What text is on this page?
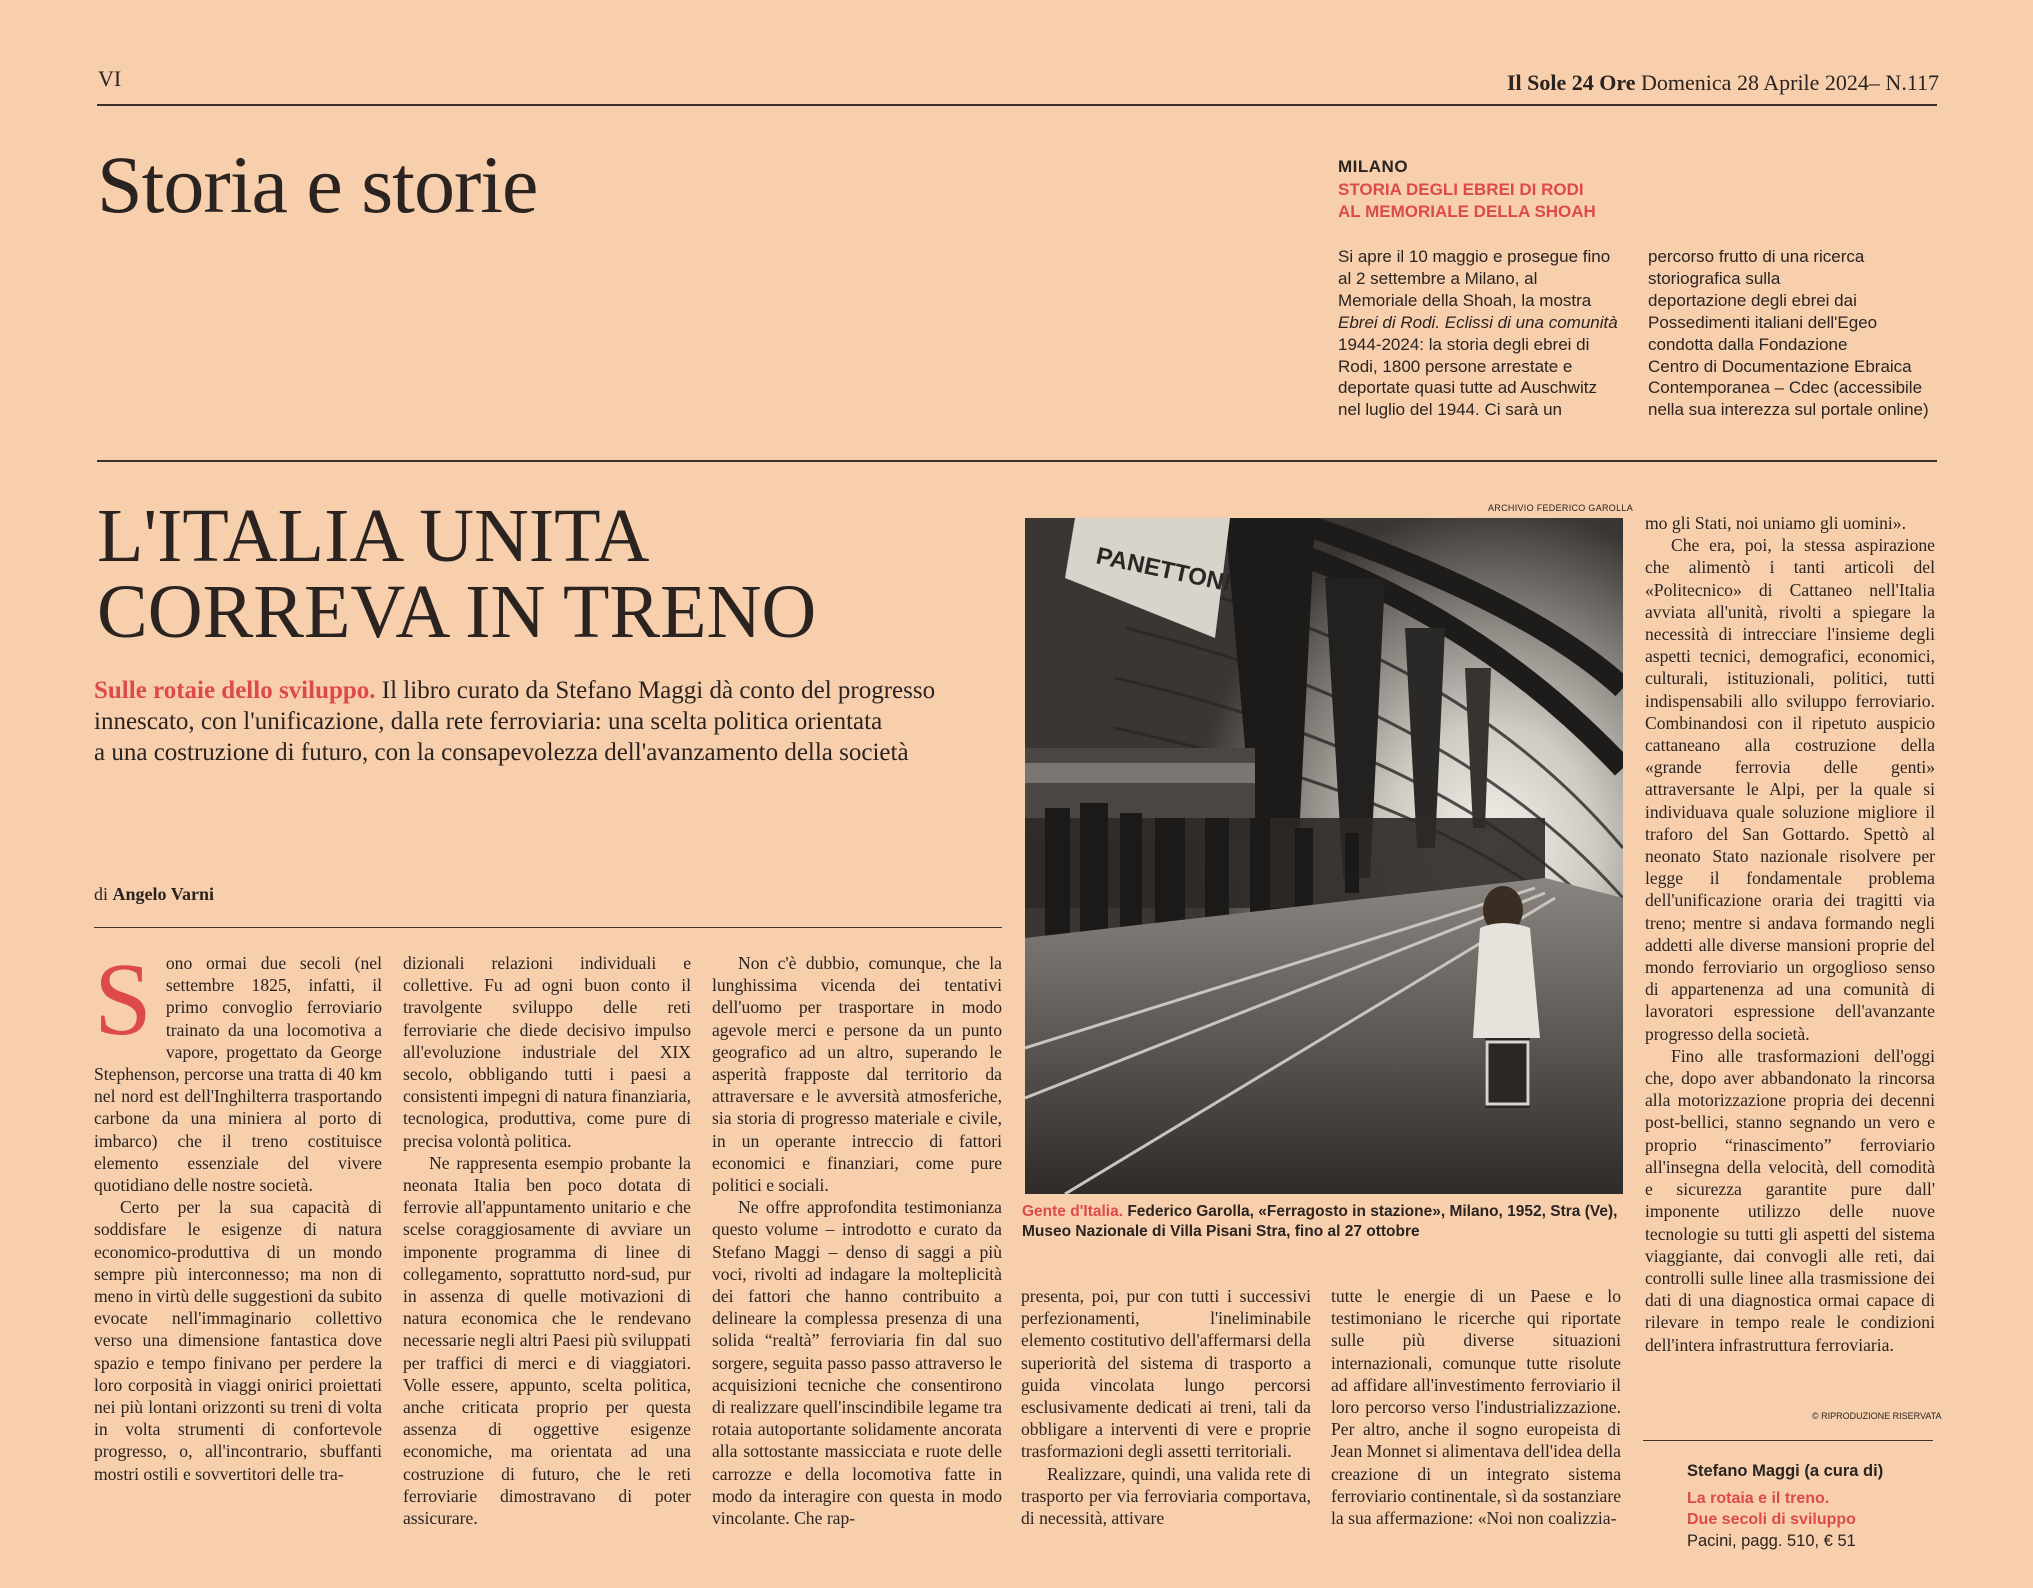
VI	Il Sole 24 Ore Domenica 28 Aprile 2024– N.117
Storia e storie	MILANO
STORIA DEGLI EBREI DI RODI
AL MEMORIALE DELLA SHOAH
Si apre il 10 maggio e prosegue fino
al 2 settembre a Milano, al
Memoriale della Shoah, la mostra
Ebrei di Rodi. Eclissi di una comunità
1944-2024: la storia degli ebrei di
Rodi, 1800 persone arrestate e
deportate quasi tutte ad Auschwitz
nel luglio del 1944. Ci sarà un
percorso frutto di una ricerca
storiografica sulla
deportazione degli ebrei dai
Possedimenti italiani dell'Egeo
condotta dalla Fondazione
Centro di Documentazione Ebraica
Contemporanea – Cdec (accessibile
nella sua interezza sul portale online)
L'ITALIA UNITA
CORREVA IN TRENO
Sulle rotaie dello sviluppo. Il libro curato da Stefano Maggi dà conto del progresso
innescato, con l'unificazione, dalla rete ferroviaria: una scelta politica orientata
a una costruzione di futuro, con la consapevolezza dell'avanzamento della società
di Angelo Varni
S ono ormai due secoli (nel settembre 1825, infatti, il primo convoglio ferroviario trainato da una locomotiva a vapore, progettato da George Stephenson, percorse una tratta di 40 km nel nord est dell'Inghilterra trasportando carbone da una miniera al porto di imbarco) che il treno costituisce elemento essenziale del vivere quotidiano delle nostre società.

Certo per la sua capacità di soddisfare le esigenze di natura economico-produttiva di un mondo sempre più interconnesso; ma non di meno in virtù delle suggestioni da subito evocate nell'immaginario collettivo verso una dimensione fantastica dove spazio e tempo finivano per perdere la loro corposità in viaggi onirici proiettati nei più lontani orizzonti su treni di volta in volta strumenti di confortevole progresso, o, all'incontrario, sbuffanti mostri ostili e sovvertitori delle tra-

dizionali relazioni individuali e collettive. Fu ad ogni buon conto il travolgente sviluppo delle reti ferroviarie che diede decisivo impulso all'evoluzione industriale del XIX secolo, obbligando tutti i paesi a consistenti impegni di natura finanziaria, tecnologica, produttiva, come pure di precisa volontà politica.

Ne rappresenta esempio probante la neonata Italia ben poco dotata di ferrovie all'appuntamento unitario e che scelse coraggiosamente di avviare un imponente programma di linee di collegamento, soprattutto nord-sud, pur in assenza di quelle motivazioni di natura economica che le rendevano necessarie negli altri Paesi più sviluppati per traffici di merci e di viaggiatori. Volle essere, appunto, scelta politica, anche criticata proprio per questa assenza di oggettive esigenze economiche, ma orientata ad una costruzione di futuro, che le reti ferroviarie dimostravano di poter assicurare.

Non c'è dubbio, comunque, che la lunghissima vicenda dei tentativi dell'uomo per trasportare in modo agevole merci e persone da un punto geografico ad un altro, superando le asperità frapposte dal territorio da attraversare e le avversità atmosferiche, sia storia di progresso materiale e civile, in un operante intreccio di fattori economici e finanziari, come pure politici e sociali.

Ne offre approfondita testimonianza questo volume – introdotto e curato da Stefano Maggi – denso di saggi a più voci, rivolti ad indagare la molteplicità dei fattori che hanno contribuito a delineare la complessa presenza di una solida “realtà” ferroviaria fin dal suo sorgere, seguita passo passo attraverso le acquisizioni tecniche che consentirono di realizzare quell'inscindibile legame tra rotaia autoportante solidamente ancorata alla sottostante massicciata e ruote delle carrozze e della locomotiva fatte in modo da interagire con questa in modo vincolante. Che rap-

presenta, poi, pur con tutti i successivi perfezionamenti, l'ineliminabile elemento costitutivo dell'affermarsi della superiorità del sistema di trasporto a guida vincolata lungo percorsi esclusivamente dedicati ai treni, tali da obbligare a interventi di vere e proprie trasformazioni degli assetti territoriali.

Realizzare, quindi, una valida rete di trasporto per via ferroviaria comportava, di necessità, attivare

tutte le energie di un Paese e lo testimoniano le ricerche qui riportate sulle più diverse situazioni internazionali, comunque tutte risolute ad affidare all'investimento ferroviario il loro percorso verso l'industrializzazione. Per altro, anche il sogno europeista di Jean Monnet si alimentava dell'idea della creazione di un integrato sistema ferroviario continentale, sì da sostanziare la sua affermazione: «Noi non coalizzia-

mo gli Stati, noi uniamo gli uomini».

Che era, poi, la stessa aspirazione che alimentò i tanti articoli del «Politecnico» di Cattaneo nell'Italia avviata all'unità, rivolti a spiegare la necessità di intrecciare l'insieme degli aspetti tecnici, demografici, economici, culturali, istituzionali, politici, tutti indispensabili allo sviluppo ferroviario. Combinandosi con il ripetuto auspicio cattaneano alla costruzione della «grande ferrovia delle genti» attraversante le Alpi, per la quale si individuava quale soluzione migliore il traforo del San Gottardo. Spettò al neonato Stato nazionale risolvere per legge il fondamentale problema dell'unificazione oraria dei tragitti via treno; mentre si andava formando negli addetti alle diverse mansioni proprie del mondo ferroviario un orgoglioso senso di appartenenza ad una comunità di lavoratori espressione dell'avanzante progresso della società.

Fino alle trasformazioni dell'oggi che, dopo aver abbandonato la rincorsa alla motorizzazione propria dei decenni post-bellici, stanno segnando un vero e proprio “rinascimento” ferroviario all'insegna della velocità, dell comodità e sicurezza garantite pure dall' imponente utilizzo delle nuove tecnologie su tutti gli aspetti del sistema viaggiante, dai convogli alle reti, dai controlli sulle linee alla trasmissione dei dati di una diagnostica ormai capace di rilevare in tempo reale le condizioni dell'intera infrastruttura ferroviaria.

ARCHIVIO FEDERICO GAROLLA
PANETTONI
Gente d'Italia. Federico Garolla, «Ferragosto in stazione», Milano, 1952, Stra (Ve), Museo Nazionale di Villa Pisani Stra, fino al 27 ottobre
© RIPRODUZIONE RISERVATA
Stefano Maggi (a cura di)
La rotaia e il treno.
Due secoli di sviluppo
Pacini, pagg. 510, € 51
